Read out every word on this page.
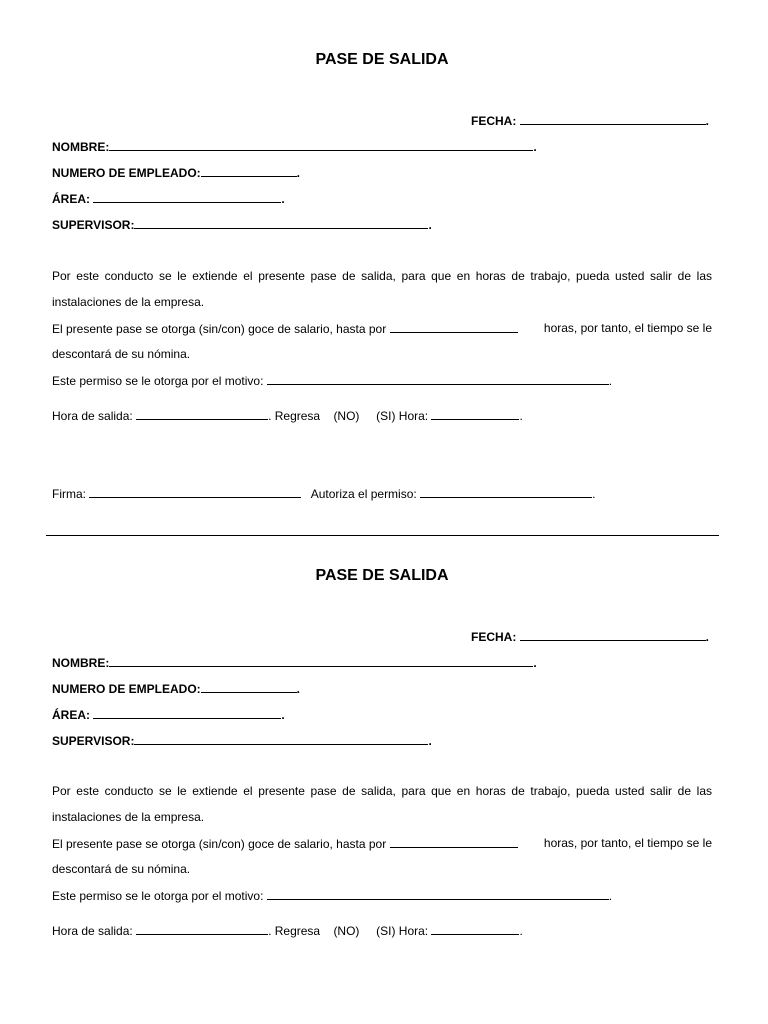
PASE DE SALIDA
FECHA:	.
NOMBRE:	.
NUMERO DE EMPLEADO:	.
ÁREA:	.
SUPERVISOR:	.
Por este conducto se le extiende el presente pase de salida, para que en horas de trabajo, pueda usted salir de las
instalaciones de la empresa.
El presente pase se otorga (sin/con) goce de salario, hasta por	horas, por tanto, el tiempo se le
descontará de su nómina.
Este permiso se le otorga por el motivo:	.
Hora de salida:	. Regresa (NO) (SI) Hora:	.
Firma:	Autoriza el permiso:	.
PASE DE SALIDA
FECHA:	.
NOMBRE:	.
NUMERO DE EMPLEADO:	.
ÁREA:	.
SUPERVISOR:	.
Por este conducto se le extiende el presente pase de salida, para que en horas de trabajo, pueda usted salir de las
instalaciones de la empresa.
El presente pase se otorga (sin/con) goce de salario, hasta por	horas, por tanto, el tiempo se le
descontará de su nómina.
Este permiso se le otorga por el motivo:	.
Hora de salida:	. Regresa (NO) (SI) Hora:	.
